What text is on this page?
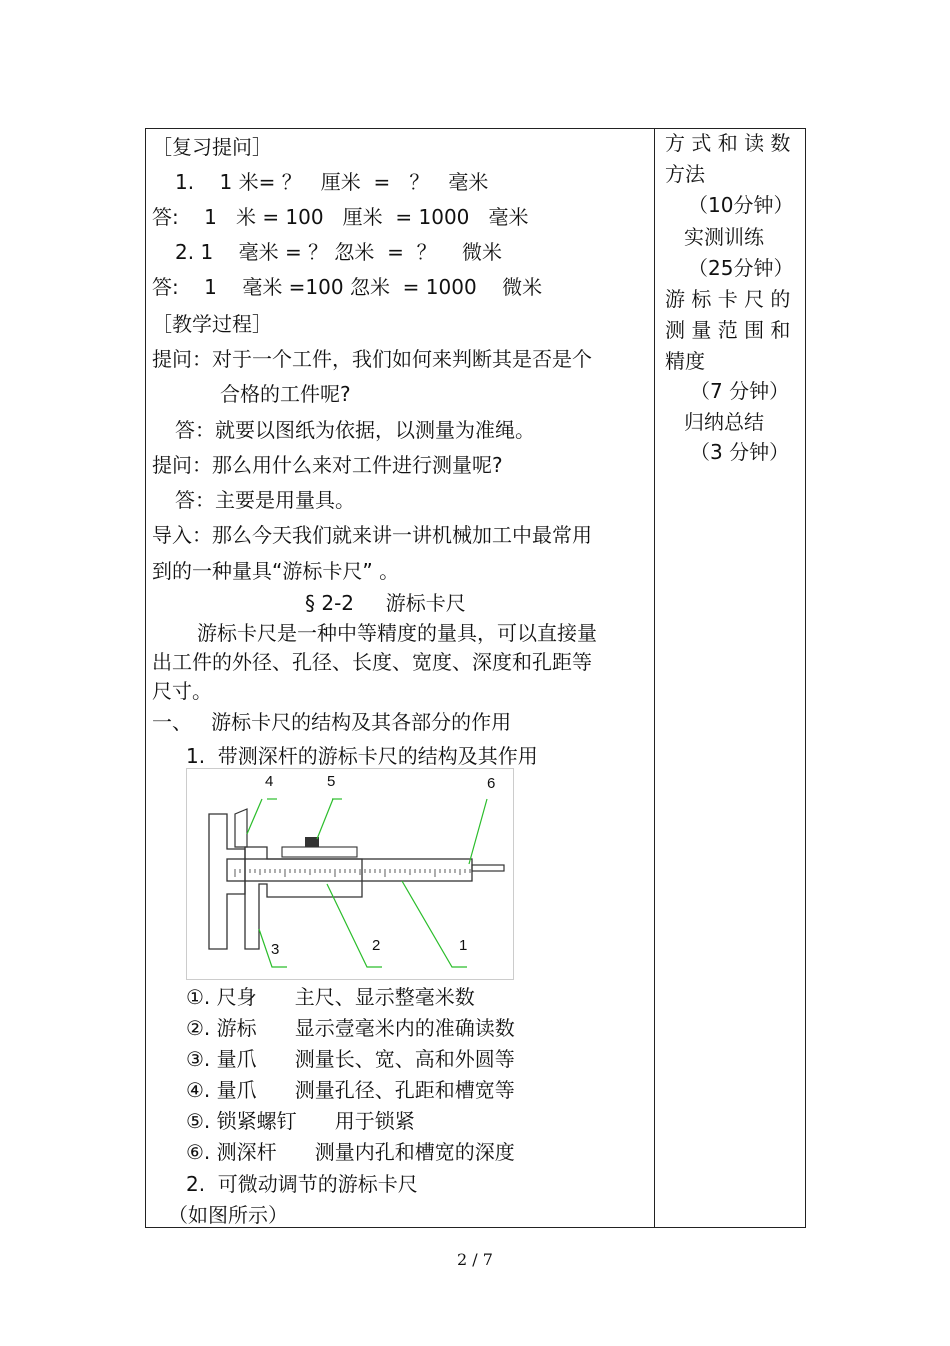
［复习提问］
1.    1 米= ？   厘米  =   ？   毫米
答:    1   米 = 100   厘米  = 1000   毫米
2. 1    毫米 = ？ 忽米  =  ？    微米
答:    1    毫米 =100 忽米  = 1000    微米
［教学过程］
提问：对于一个工件，我们如何来判断其是否是个
合格的工件呢?
答：就要以图纸为依据，以测量为准绳。
提问：那么用什么来对工件进行测量呢?
答：主要是用量具。
导入：那么今天我们就来讲一讲机械加工中最常用
到的一种量具“游标卡尺” 。
§ 2-2     游标卡尺
游标卡尺是一种中等精度的量具，可以直接量
出工件的外径、孔径、长度、宽度、深度和孔距等
尺寸。
一、   游标卡尺的结构及其各部分的作用
1.  带测深杆的游标卡尺的结构及其作用
4	5	6
3	2	1
①. 尺身      主尺、显示整毫米数
②. 游标      显示壹毫米内的准确读数
③. 量爪      测量长、宽、高和外圆等
④. 量爪      测量孔径、孔距和槽宽等
⑤. 锁紧螺钉      用于锁紧
⑥. 测深杆      测量内孔和槽宽的深度
2.  可微动调节的游标卡尺
（如图所示）
方 式 和 读 数
方法
（10分钟）
实测训练
（25分钟）
游 标 卡 尺 的
测 量 范 围 和
精度
（7 分钟）
归纳总结
（3 分钟）
2 / 7
